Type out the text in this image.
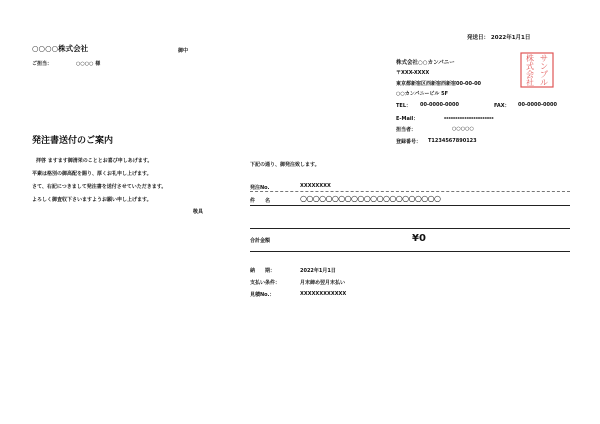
発送日： 2022年1月1日
○○○○株式会社	御中
ご担当：	○○○○ 様	株式会社○○カンパニー
〒XXX-XXXX
東京都新宿区西新宿西新宿00-00-00
○○カンパニービル 5F
TEL： 00-0000-0000	FAX： 00-0000-0000
E-Mail：	xxxxxxxxxxxxxxxxxxxxxx
担当者：	○○○○○
登録番号： T1234567890123
サ
ン
プ
ル
株
式
会
社
発注書送付のご案内
拝啓 ますます御清栄のこととお喜び申しあげます。
平素は格別の御高配を賜り、厚くお礼申し上げます。
さて、右記につきまして発注書を送付させていただきます。
よろしく御査収下さいますようお願い申し上げます。
敬具
下記の通り、御発注致します。
発注No.	XXXXXXXX
件　　名	○○○○○○○○○○○○○○○○○○○○○○
合計金額	¥0
納　　期：	2022年1月1日
支払い条件：	月末締め翌月末払い
見積No.：	XXXXXXXXXXXX
